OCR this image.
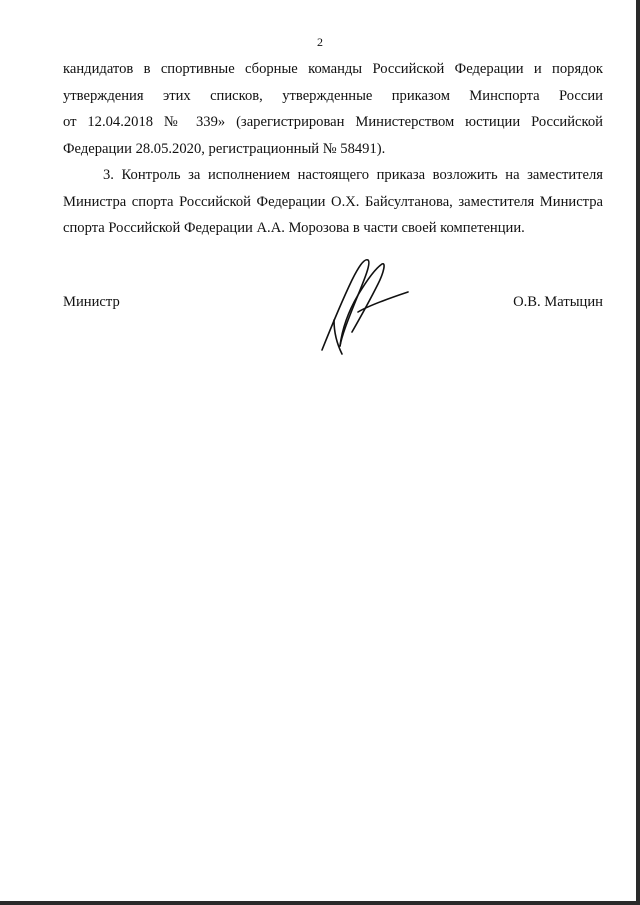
2

кандидатов в спортивные сборные команды Российской Федерации и порядок
утверждения этих списков, утвержденные приказом Минспорта России
от 12.04.2018 № 339» (зарегистрирован Министерством юстиции Российской
Федерации 28.05.2020, регистрационный № 58491).

3. Контроль за исполнением настоящего приказа возложить на заместителя
Министра спорта Российской Федерации О.Х. Байсултанова, заместителя Министра
спорта Российской Федерации А.А. Морозова в части своей компетенции.

Министр	О.В. Матыцин
